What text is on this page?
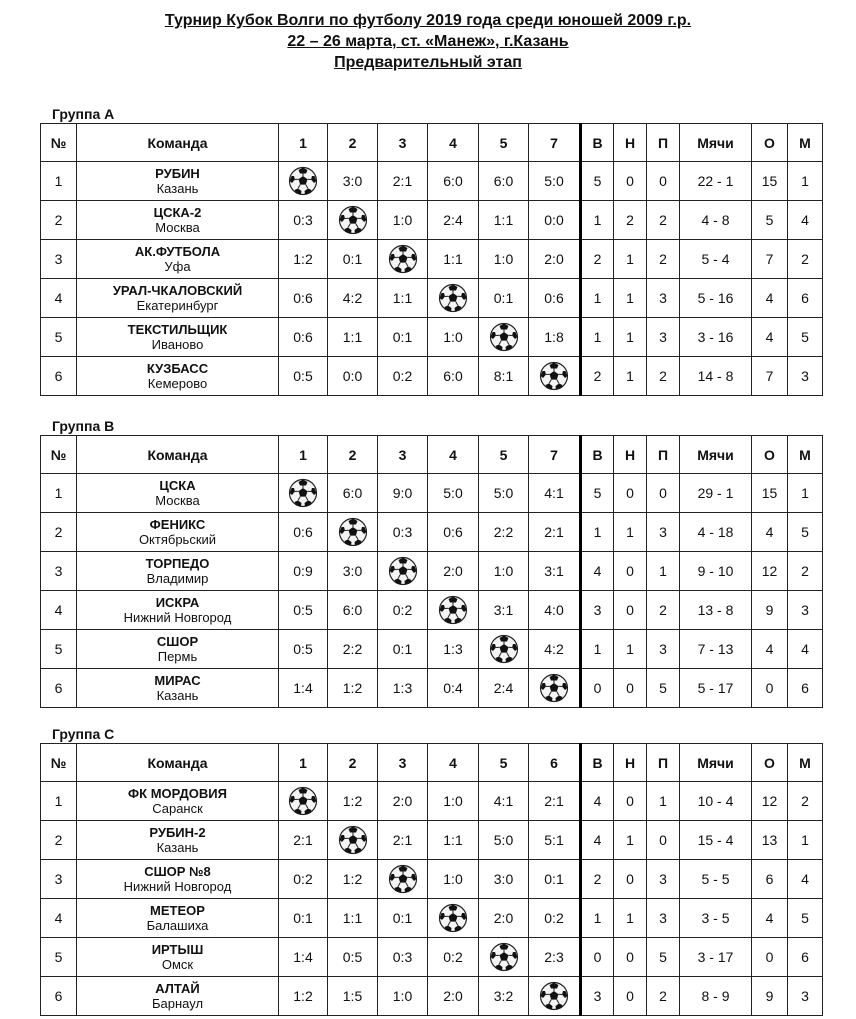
Турнир Кубок Волги по футболу 2019 года среди юношей 2009 г.р.
22 – 26 марта, ст. «Манеж», г.Казань
Предварительный этап
Группа А
№	Команда	1	2	3	4	5	7	В	Н	П	Мячи	О	М
1	РУБИН
Казань		3:0	2:1	6:0	6:0	5:0	5	0	0	22 - 1	15	1
2	ЦСКА-2
Москва	0:3		1:0	2:4	1:1	0:0	1	2	2	4 - 8	5	4
3	АК.ФУТБОЛА
Уфа	1:2	0:1		1:1	1:0	2:0	2	1	2	5 - 4	7	2
4	УРАЛ-ЧКАЛОВСКИЙ
Екатеринбург	0:6	4:2	1:1		0:1	0:6	1	1	3	5 - 16	4	6
5	ТЕКСТИЛЬЩИК
Иваново	0:6	1:1	0:1	1:0		1:8	1	1	3	3 - 16	4	5
6	КУЗБАСС
Кемерово	0:5	0:0	0:2	6:0	8:1		2	1	2	14 - 8	7	3
Группа В
№	Команда	1	2	3	4	5	7	В	Н	П	Мячи	О	М
1	ЦСКА
Москва		6:0	9:0	5:0	5:0	4:1	5	0	0	29 - 1	15	1
2	ФЕНИКС
Октябрьский	0:6		0:3	0:6	2:2	2:1	1	1	3	4 - 18	4	5
3	ТОРПЕДО
Владимир	0:9	3:0		2:0	1:0	3:1	4	0	1	9 - 10	12	2
4	ИСКРА
Нижний Новгород	0:5	6:0	0:2		3:1	4:0	3	0	2	13 - 8	9	3
5	СШОР
Пермь	0:5	2:2	0:1	1:3		4:2	1	1	3	7 - 13	4	4
6	МИРАС
Казань	1:4	1:2	1:3	0:4	2:4		0	0	5	5 - 17	0	6
Группа С
№	Команда	1	2	3	4	5	6	В	Н	П	Мячи	О	М
1	ФК МОРДОВИЯ
Саранск		1:2	2:0	1:0	4:1	2:1	4	0	1	10 - 4	12	2
2	РУБИН-2
Казань	2:1		2:1	1:1	5:0	5:1	4	1	0	15 - 4	13	1
3	СШОР №8
Нижний Новгород	0:2	1:2		1:0	3:0	0:1	2	0	3	5 - 5	6	4
4	МЕТЕОР
Балашиха	0:1	1:1	0:1		2:0	0:2	1	1	3	3 - 5	4	5
5	ИРТЫШ
Омск	1:4	0:5	0:3	0:2		2:3	0	0	5	3 - 17	0	6
6	АЛТАЙ
Барнаул	1:2	1:5	1:0	2:0	3:2		3	0	2	8 - 9	9	3
